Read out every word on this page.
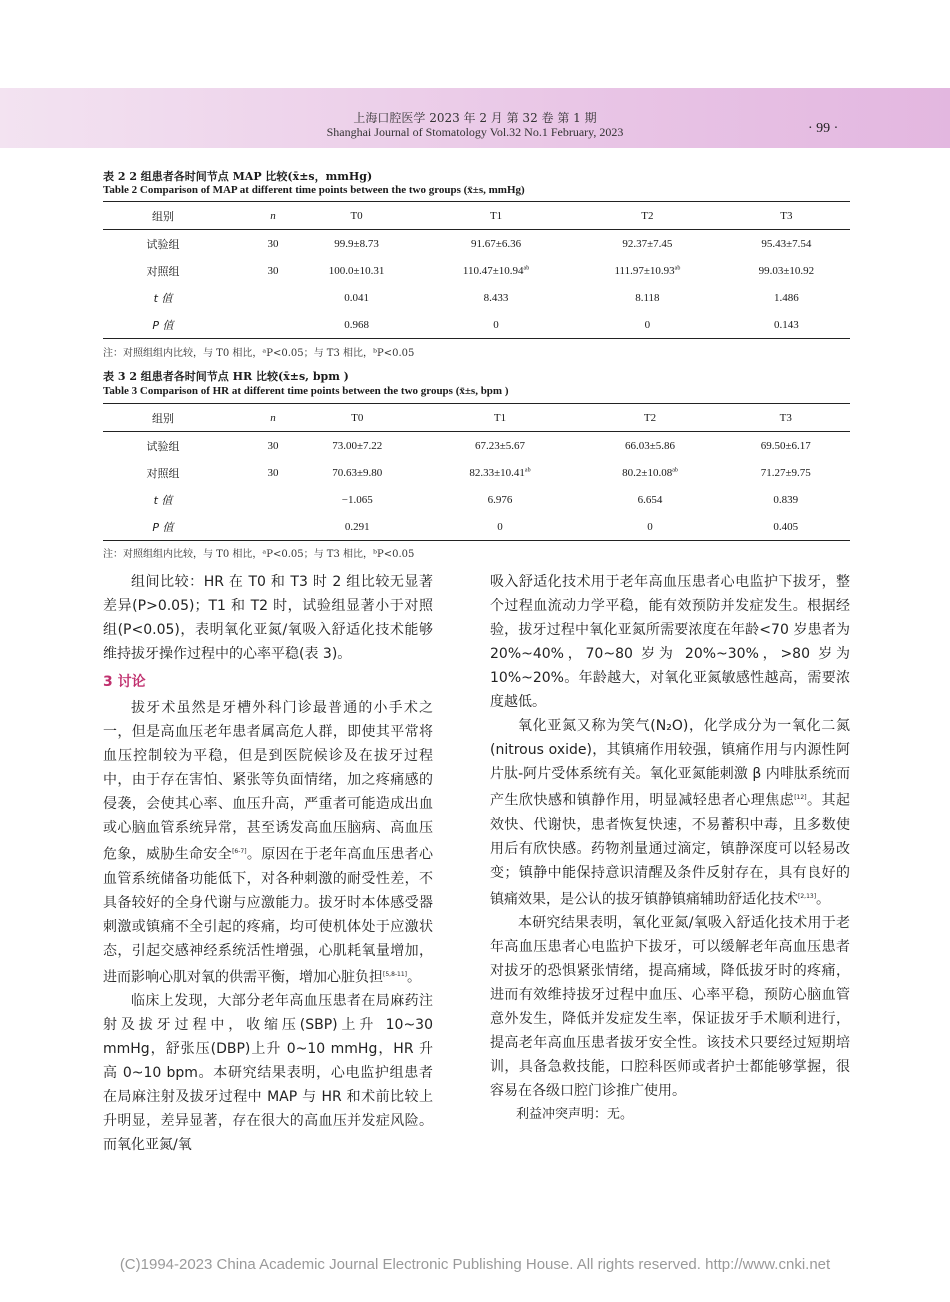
上海口腔医学 2023 年 2 月 第 32 卷 第 1 期
Shanghai Journal of Stomatology Vol.32 No.1 February, 2023	· 99 ·
表 2 2 组患者各时间节点 MAP 比较(x̄±s，mmHg)
Table 2 Comparison of MAP at different time points between the two groups (x̄±s, mmHg)
组别	n	T0	T1	T2	T3
试验组	30	99.9±8.73	91.67±6.36	92.37±7.45	95.43±7.54
对照组	30	100.0±10.31	110.47±10.94$^{ab}$	111.97±10.93$^{ab}$	99.03±10.92
t 值		0.041	8.433	8.118	1.486
P 值		0.968	0	0	0.143
注：对照组组内比较，与 T0 相比，ᵃP<0.05；与 T3 相比，ᵇP<0.05
表 3 2 组患者各时间节点 HR 比较(x̄±s, bpm )
Table 3 Comparison of HR at different time points between the two groups (x̄±s, bpm )
组别	n	T0	T1	T2	T3
试验组	30	73.00±7.22	67.23±5.67	66.03±5.86	69.50±6.17
对照组	30	70.63±9.80	82.33±10.41$^{ab}$	80.2±10.08$^{ab}$	71.27±9.75
t 值		−1.065	6.976	6.654	0.839
P 值		0.291	0	0	0.405
注：对照组组内比较，与 T0 相比，ᵃP<0.05；与 T3 相比，ᵇP<0.05

组间比较：HR 在 T0 和 T3 时 2 组比较无显著差异(P>0.05)；T1 和 T2 时，试验组显著小于对照组(P<0.05)，表明氧化亚氮/氧吸入舒适化技术能够维持拔牙操作过程中的心率平稳(表 3)。

3 讨论

拔牙术虽然是牙槽外科门诊最普通的小手术之一，但是高血压老年患者属高危人群，即使其平常将血压控制较为平稳，但是到医院候诊及在拔牙过程中，由于存在害怕、紧张等负面情绪，加之疼痛感的侵袭，会使其心率、血压升高，严重者可能造成出血或心脑血管系统异常，甚至诱发高血压脑病、高血压危象，威胁生命安全[6-7]。原因在于老年高血压患者心血管系统储备功能低下，对各种刺激的耐受性差，不具备较好的全身代谢与应激能力。拔牙时本体感受器刺激或镇痛不全引起的疼痛，均可使机体处于应激状态，引起交感神经系统活性增强，心肌耗氧量增加，进而影响心肌对氧的供需平衡，增加心脏负担[5,8-11]。

临床上发现，大部分老年高血压患者在局麻药注射及拔牙过程中，收缩压(SBP)上升 10~30 mmHg，舒张压(DBP)上升 0~10 mmHg，HR 升高 0~10 bpm。本研究结果表明，心电监护组患者在局麻注射及拔牙过程中 MAP 与 HR 和术前比较上升明显，差异显著，存在很大的高血压并发症风险。而氧化亚氮/氧

吸入舒适化技术用于老年高血压患者心电监护下拔牙，整个过程血流动力学平稳，能有效预防并发症发生。根据经验，拔牙过程中氧化亚氮所需要浓度在年龄<70 岁患者为 20%~40%，70~80 岁为 20%~30%，>80 岁为 10%~20%。年龄越大，对氧化亚氮敏感性越高，需要浓度越低。

氧化亚氮又称为笑气(N₂O)，化学成分为一氧化二氮(nitrous oxide)，其镇痛作用较强，镇痛作用与内源性阿片肽-阿片受体系统有关。氧化亚氮能刺激 β 内啡肽系统而产生欣快感和镇静作用，明显减轻患者心理焦虑[12]。其起效快、代谢快，患者恢复快速，不易蓄积中毒，且多数使用后有欣快感。药物剂量通过滴定，镇静深度可以轻易改变；镇静中能保持意识清醒及条件反射存在，具有良好的镇痛效果，是公认的拔牙镇静镇痛辅助舒适化技术[2,13]。

本研究结果表明，氧化亚氮/氧吸入舒适化技术用于老年高血压患者心电监护下拔牙，可以缓解老年高血压患者对拔牙的恐惧紧张情绪，提高痛域，降低拔牙时的疼痛，进而有效维持拔牙过程中血压、心率平稳，预防心脑血管意外发生，降低并发症发生率，保证拔牙手术顺利进行，提高老年高血压患者拔牙安全性。该技术只要经过短期培训，具备急救技能，口腔科医师或者护士都能够掌握，很容易在各级口腔门诊推广使用。

利益冲突声明：无。

(C)1994-2023 China Academic Journal Electronic Publishing House. All rights reserved. http://www.cnki.net
